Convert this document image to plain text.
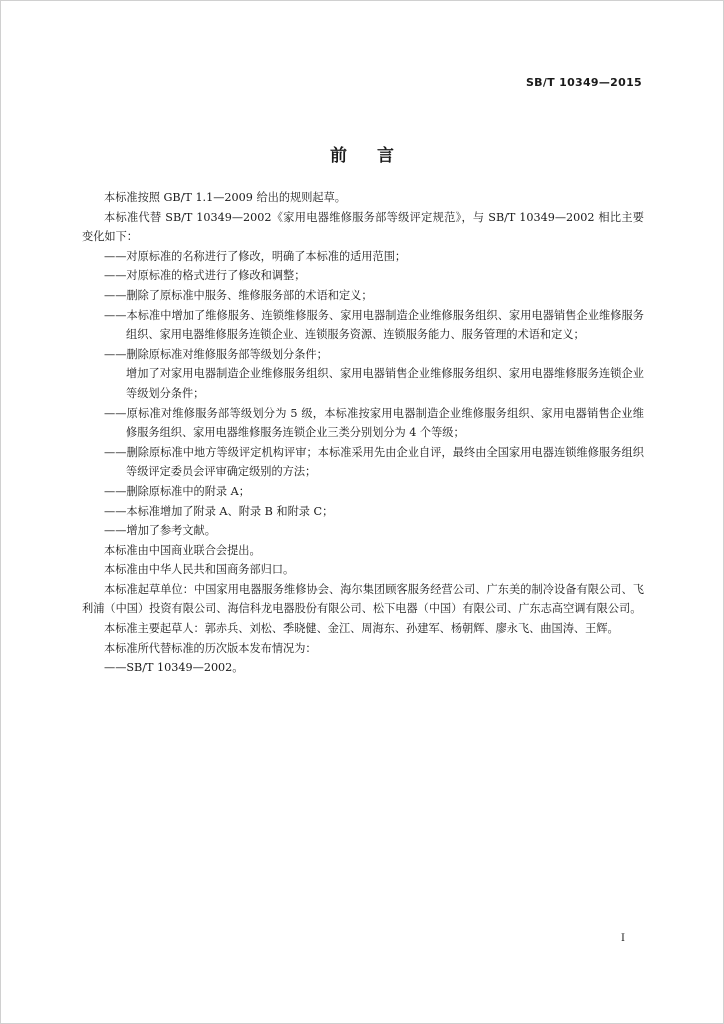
SB/T 10349—2015
前言

本标准按照 GB/T 1.1—2009 给出的规则起草。

本标准代替 SB/T 10349—2002《家用电器维修服务部等级评定规范》，与 SB/T 10349—2002 相比主要变化如下：

——对原标准的名称进行了修改，明确了本标准的适用范围；

——对原标准的格式进行了修改和调整；

——删除了原标准中服务、维修服务部的术语和定义；

——本标准中增加了维修服务、连锁维修服务、家用电器制造企业维修服务组织、家用电器销售企业维修服务组织、家用电器维修服务连锁企业、连锁服务资源、连锁服务能力、服务管理的术语和定义；

——删除原标准对维修服务部等级划分条件；

增加了对家用电器制造企业维修服务组织、家用电器销售企业维修服务组织、家用电器维修服务连锁企业等级划分条件；

——原标准对维修服务部等级划分为 5 级，本标准按家用电器制造企业维修服务组织、家用电器销售企业维修服务组织、家用电器维修服务连锁企业三类分别划分为 4 个等级；

——删除原标准中地方等级评定机构评审；本标准采用先由企业自评，最终由全国家用电器连锁维修服务组织等级评定委员会评审确定级别的方法；

——删除原标准中的附录 A；

——本标准增加了附录 A、附录 B 和附录 C；

——增加了参考文献。

本标准由中国商业联合会提出。

本标准由中华人民共和国商务部归口。

本标准起草单位：中国家用电器服务维修协会、海尔集团顾客服务经营公司、广东美的制冷设备有限公司、飞利浦（中国）投资有限公司、海信科龙电器股份有限公司、松下电器（中国）有限公司、广东志高空调有限公司。

本标准主要起草人：郭赤兵、刘松、季晓健、金江、周海东、孙建军、杨朝辉、廖永飞、曲国涛、王辉。

本标准所代替标准的历次版本发布情况为：

——SB/T 10349—2002。

I
